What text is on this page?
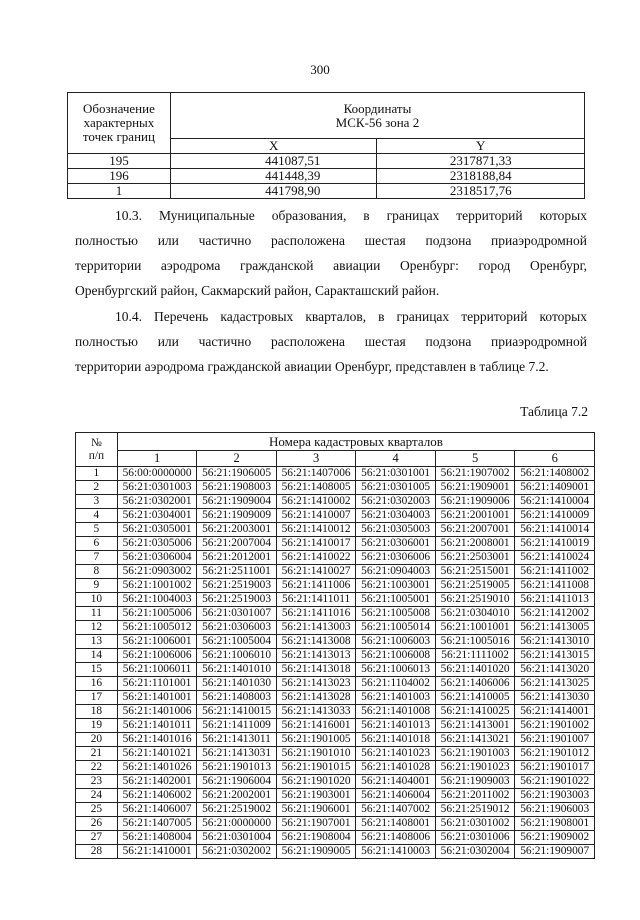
300
Обозначение
характерных
точек границ	Координаты
МСК-56 зона 2	
	X	Y
195	441087,51	2317871,33
196	441448,39	2318188,84
1	441798,90	2318517,76
10.3. Муниципальные образования, в границах территорий которых
полностью или частично расположена шестая подзона приаэродромной
территории аэродрома гражданской авиации Оренбург: город Оренбург,
Оренбургский район, Сакмарский район, Саракташский район.
10.4. Перечень кадастровых кварталов, в границах территорий которых
полностью или частично расположена шестая подзона приаэродромной
территории аэродрома гражданской авиации Оренбург, представлен в таблице 7.2.
Таблица 7.2
№
п/п	Номера кадастровых кварталов					
	1	2	3	4	5	6
1	56:00:0000000	56:21:1906005	56:21:1407006	56:21:0301001	56:21:1907002	56:21:1408002
2	56:21:0301003	56:21:1908003	56:21:1408005	56:21:0301005	56:21:1909001	56:21:1409001
3	56:21:0302001	56:21:1909004	56:21:1410002	56:21:0302003	56:21:1909006	56:21:1410004
4	56:21:0304001	56:21:1909009	56:21:1410007	56:21:0304003	56:21:2001001	56:21:1410009
5	56:21:0305001	56:21:2003001	56:21:1410012	56:21:0305003	56:21:2007001	56:21:1410014
6	56:21:0305006	56:21:2007004	56:21:1410017	56:21:0306001	56:21:2008001	56:21:1410019
7	56:21:0306004	56:21:2012001	56:21:1410022	56:21:0306006	56:21:2503001	56:21:1410024
8	56:21:0903002	56:21:2511001	56:21:1410027	56:21:0904003	56:21:2515001	56:21:1411002
9	56:21:1001002	56:21:2519003	56:21:1411006	56:21:1003001	56:21:2519005	56:21:1411008
10	56:21:1004003	56:21:2519003	56:21:1411011	56:21:1005001	56:21:2519010	56:21:1411013
11	56:21:1005006	56:21:0301007	56:21:1411016	56:21:1005008	56:21:0304010	56:21:1412002
12	56:21:1005012	56:21:0306003	56:21:1413003	56:21:1005014	56:21:1001001	56:21:1413005
13	56:21:1006001	56:21:1005004	56:21:1413008	56:21:1006003	56:21:1005016	56:21:1413010
14	56:21:1006006	56:21:1006010	56:21:1413013	56:21:1006008	56:21:1111002	56:21:1413015
15	56:21:1006011	56:21:1401010	56:21:1413018	56:21:1006013	56:21:1401020	56:21:1413020
16	56:21:1101001	56:21:1401030	56:21:1413023	56:21:1104002	56:21:1406006	56:21:1413025
17	56:21:1401001	56:21:1408003	56:21:1413028	56:21:1401003	56:21:1410005	56:21:1413030
18	56:21:1401006	56:21:1410015	56:21:1413033	56:21:1401008	56:21:1410025	56:21:1414001
19	56:21:1401011	56:21:1411009	56:21:1416001	56:21:1401013	56:21:1413001	56:21:1901002
20	56:21:1401016	56:21:1413011	56:21:1901005	56:21:1401018	56:21:1413021	56:21:1901007
21	56:21:1401021	56:21:1413031	56:21:1901010	56:21:1401023	56:21:1901003	56:21:1901012
22	56:21:1401026	56:21:1901013	56:21:1901015	56:21:1401028	56:21:1901023	56:21:1901017
23	56:21:1402001	56:21:1906004	56:21:1901020	56:21:1404001	56:21:1909003	56:21:1901022
24	56:21:1406002	56:21:2002001	56:21:1903001	56:21:1406004	56:21:2011002	56:21:1903003
25	56:21:1406007	56:21:2519002	56:21:1906001	56:21:1407002	56:21:2519012	56:21:1906003
26	56:21:1407005	56:21:0000000	56:21:1907001	56:21:1408001	56:21:0301002	56:21:1908001
27	56:21:1408004	56:21:0301004	56:21:1908004	56:21:1408006	56:21:0301006	56:21:1909002
28	56:21:1410001	56:21:0302002	56:21:1909005	56:21:1410003	56:21:0302004	56:21:1909007
